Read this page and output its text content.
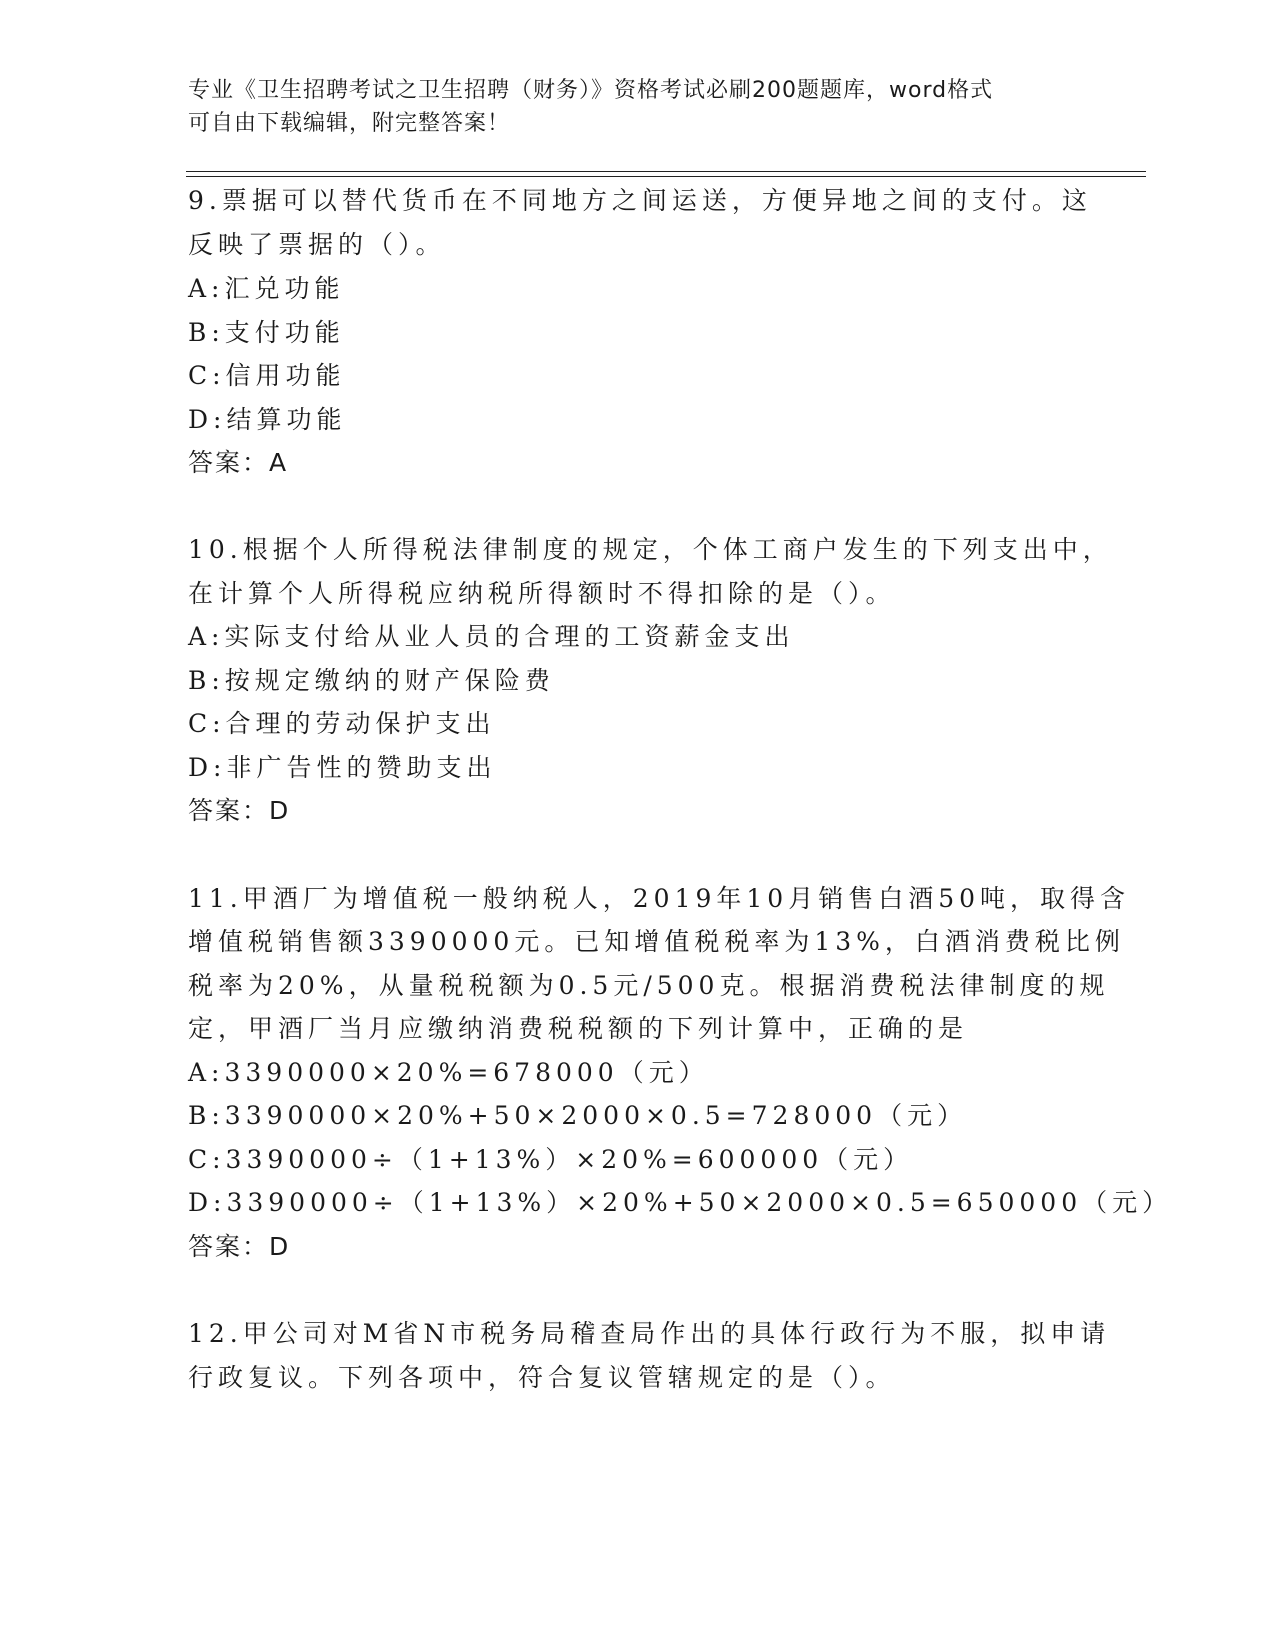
专业《卫生招聘考试之卫生招聘（财务）》资格考试必刷200题题库，word格式
可自由下载编辑，附完整答案！
9.票据可以替代货币在不同地方之间运送，方便异地之间的支付。这
反映了票据的（）。
A:汇兑功能
B:支付功能
C:信用功能
D:结算功能
答案：A
10.根据个人所得税法律制度的规定，个体工商户发生的下列支出中，
在计算个人所得税应纳税所得额时不得扣除的是（）。
A:实际支付给从业人员的合理的工资薪金支出
B:按规定缴纳的财产保险费
C:合理的劳动保护支出
D:非广告性的赞助支出
答案：D
11.甲酒厂为增值税一般纳税人，2019年10月销售白酒50吨，取得含
增值税销售额3390000元。已知增值税税率为13%，白酒消费税比例
税率为20%，从量税税额为0.5元/500克。根据消费税法律制度的规
定，甲酒厂当月应缴纳消费税税额的下列计算中，正确的是
A:3390000×20%=678000（元）
B:3390000×20%+50×2000×0.5=728000（元）
C:3390000÷（1+13%）×20%=600000（元）
D:3390000÷（1+13%）×20%+50×2000×0.5=650000（元）
答案：D
12.甲公司对M省N市税务局稽查局作出的具体行政行为不服，拟申请
行政复议。下列各项中，符合复议管辖规定的是（）。
